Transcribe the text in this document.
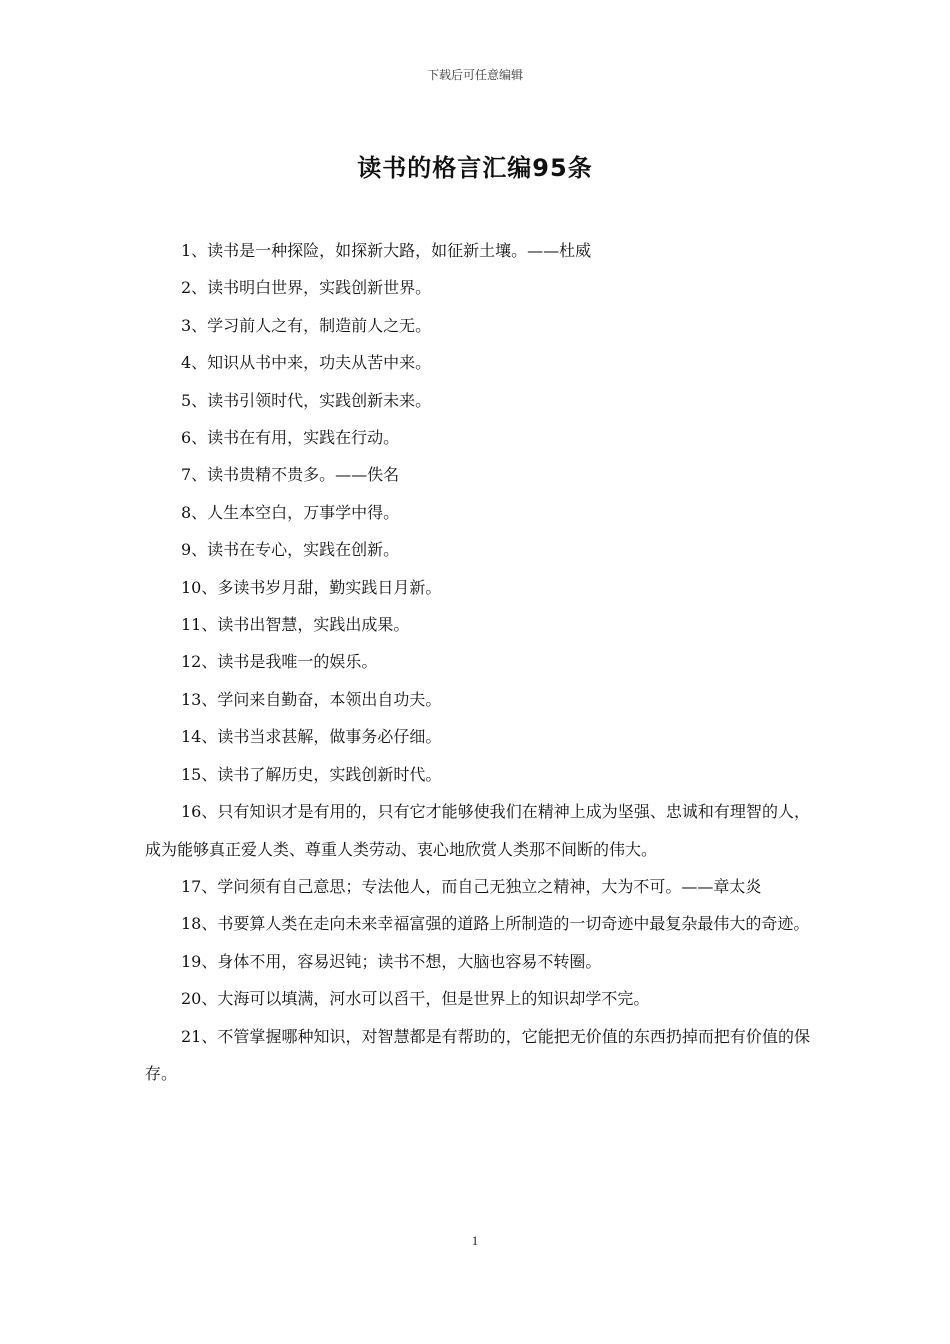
下载后可任意编辑
读书的格言汇编95条

1、读书是一种探险，如探新大路，如征新土壤。——杜威

2、读书明白世界，实践创新世界。

3、学习前人之有，制造前人之无。

4、知识从书中来，功夫从苦中来。

5、读书引领时代，实践创新未来。

6、读书在有用，实践在行动。

7、读书贵精不贵多。——佚名

8、人生本空白，万事学中得。

9、读书在专心，实践在创新。

10、多读书岁月甜，勤实践日月新。

11、读书出智慧，实践出成果。

12、读书是我唯一的娱乐。

13、学问来自勤奋，本领出自功夫。

14、读书当求甚解，做事务必仔细。

15、读书了解历史，实践创新时代。

16、只有知识才是有用的，只有它才能够使我们在精神上成为坚强、忠诚和有理智的人，成为能够真正爱人类、尊重人类劳动、衷心地欣赏人类那不间断的伟大。

17、学问须有自己意思；专法他人，而自己无独立之精神，大为不可。——章太炎

18、书要算人类在走向未来幸福富强的道路上所制造的一切奇迹中最复杂最伟大的奇迹。

19、身体不用，容易迟钝；读书不想，大脑也容易不转圈。

20、大海可以填满，河水可以舀干，但是世界上的知识却学不完。

21、不管掌握哪种知识，对智慧都是有帮助的，它能把无价值的东西扔掉而把有价值的保存。

1
